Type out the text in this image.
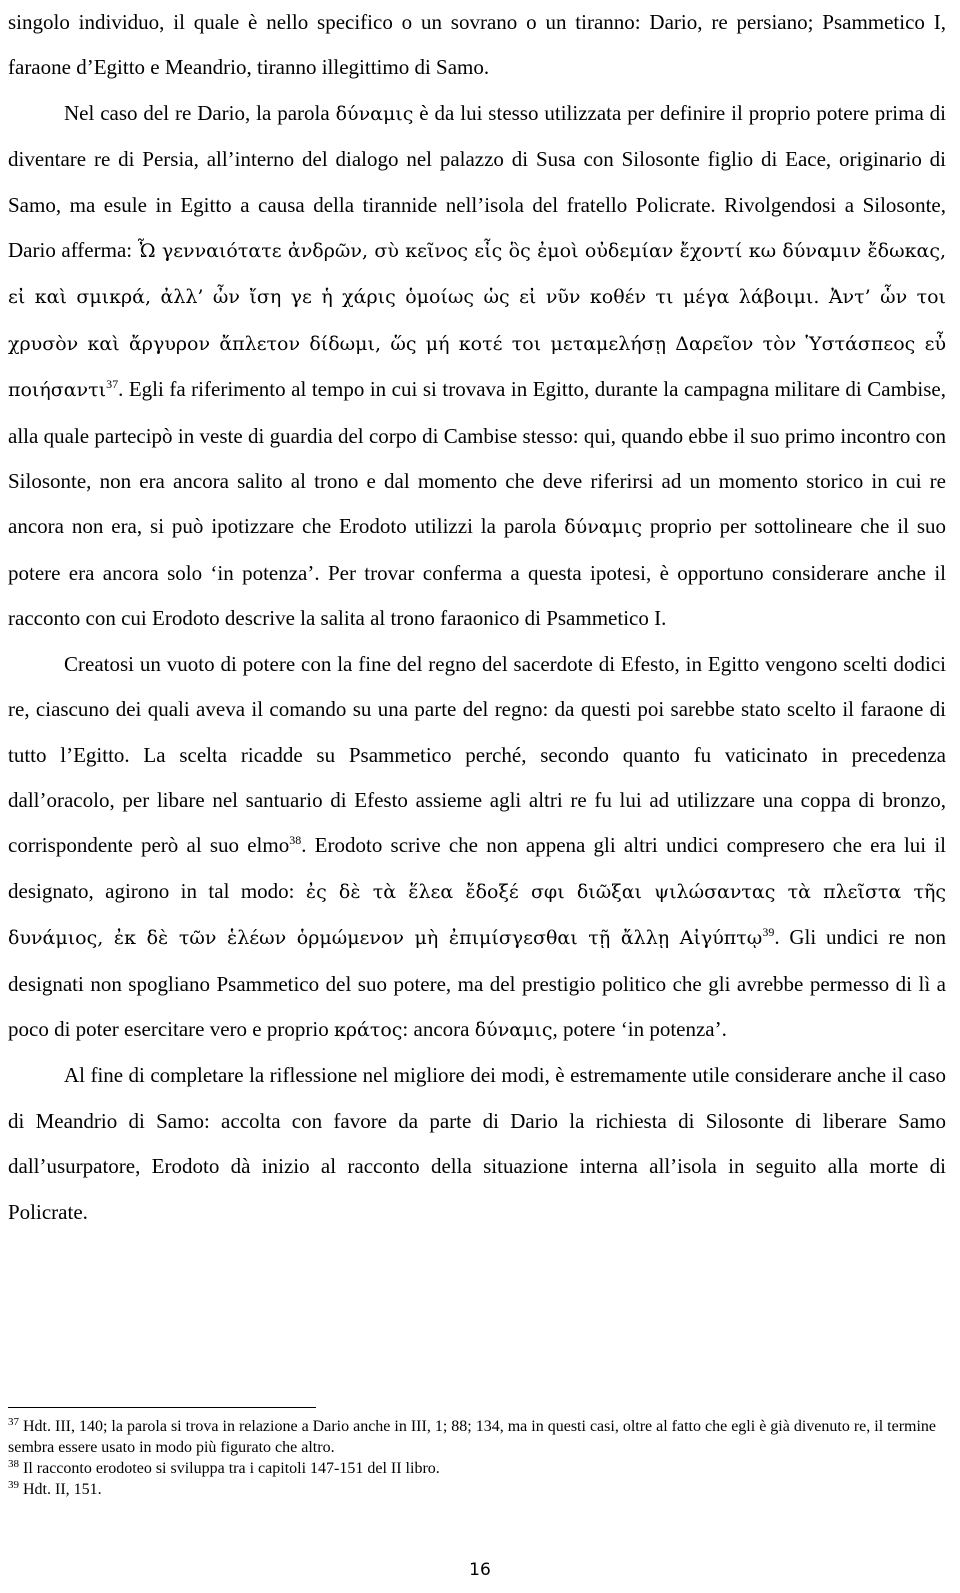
singolo individuo, il quale è nello specifico o un sovrano o un tiranno: Dario, re persiano; Psammetico I, faraone d’Egitto e Meandrio, tiranno illegittimo di Samo.

Nel caso del re Dario, la parola δύναμις è da lui stesso utilizzata per definire il proprio potere prima di diventare re di Persia, all’interno del dialogo nel palazzo di Susa con Silosonte figlio di Eace, originario di Samo, ma esule in Egitto a causa della tirannide nell’isola del fratello Policrate. Rivolgendosi a Silosonte, Dario afferma: Ὦ γενναιότατε ἀνδρῶν, σὺ κεῖνος εἶς ὃς ἐμοὶ οὐδεμίαν ἔχοντί κω δύναμιν ἔδωκας, εἰ καὶ σμικρά, ἀλλ’ ὦν ἴση γε ἡ χάρις ὁμοίως ὡς εἰ νῦν κοθέν τι μέγα λάβοιμι. Ἀντ’ ὧν τοι χρυσὸν καὶ ἄργυρον ἄπλετον δίδωμι, ὥς μή κοτέ τοι μεταμελήσῃ Δαρεῖον τὸν Ὑστάσπεος εὖ ποιήσαντι$^{37}$. Egli fa riferimento al tempo in cui si trovava in Egitto, durante la campagna militare di Cambise, alla quale partecipò in veste di guardia del corpo di Cambise stesso: qui, quando ebbe il suo primo incontro con Silosonte, non era ancora salito al trono e dal momento che deve riferirsi ad un momento storico in cui re ancora non era, si può ipotizzare che Erodoto utilizzi la parola δύναμις proprio per sottolineare che il suo potere era ancora solo ‘in potenza’. Per trovar conferma a questa ipotesi, è opportuno considerare anche il racconto con cui Erodoto descrive la salita al trono faraonico di Psammetico I.

Creatosi un vuoto di potere con la fine del regno del sacerdote di Efesto, in Egitto vengono scelti dodici re, ciascuno dei quali aveva il comando su una parte del regno: da questi poi sarebbe stato scelto il faraone di tutto l’Egitto. La scelta ricadde su Psammetico perché, secondo quanto fu vaticinato in precedenza dall’oracolo, per libare nel santuario di Efesto assieme agli altri re fu lui ad utilizzare una coppa di bronzo, corrispondente però al suo elmo$^{38}$. Erodoto scrive che non appena gli altri undici compresero che era lui il designato, agirono in tal modo: ἐς δὲ τὰ ἕλεα ἔδοξέ σφι διῶξαι ψιλώσαντας τὰ πλεῖστα τῆς δυνάμιος, ἐκ δὲ τῶν ἑλέων ὁρμώμενον μὴ ἐπιμίσγεσθαι τῇ ἄλλῃ Αἰγύπτῳ$^{39}$. Gli undici re non designati non spogliano Psammetico del suo potere, ma del prestigio politico che gli avrebbe permesso di lì a poco di poter esercitare vero e proprio κράτος: ancora δύναμις, potere ‘in potenza’.

Al fine di completare la riflessione nel migliore dei modi, è estremamente utile considerare anche il caso di Meandrio di Samo: accolta con favore da parte di Dario la richiesta di Silosonte di liberare Samo dall’usurpatore, Erodoto dà inizio al racconto della situazione interna all’isola in seguito alla morte di Policrate.

$^{37}$ Hdt. III, 140; la parola si trova in relazione a Dario anche in III, 1; 88; 134, ma in questi casi, oltre al fatto che egli è già divenuto re, il termine sembra essere usato in modo più figurato che altro.

$^{38}$ Il racconto erodoteo si sviluppa tra i capitoli 147-151 del II libro.

$^{39}$ Hdt. II, 151.

16
